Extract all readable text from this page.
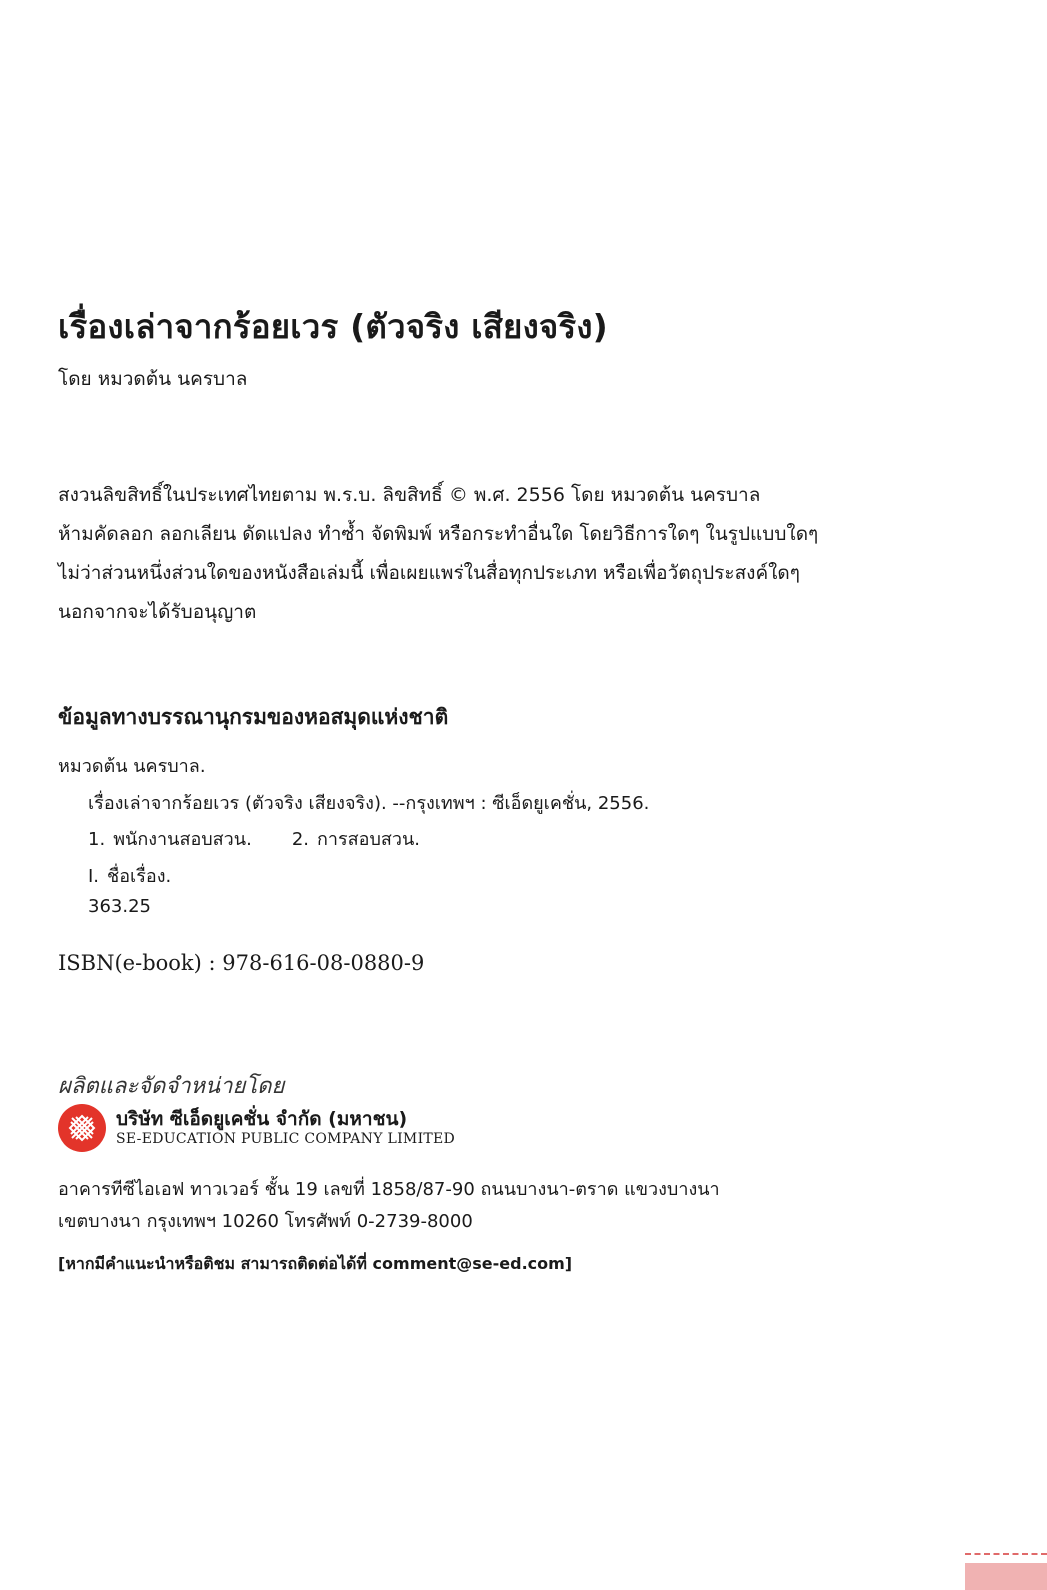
เรื่องเล่าจากร้อยเวร (ตัวจริง เสียงจริง)
โดย หมวดต้น นครบาล
สงวนลิขสิทธิ์ในประเทศไทยตาม พ.ร.บ. ลิขสิทธิ์ © พ.ศ. 2556 โดย หมวดต้น นครบาล
ห้ามคัดลอก ลอกเลียน ดัดแปลง ทำซ้ำ จัดพิมพ์ หรือกระทำอื่นใด โดยวิธีการใดๆ ในรูปแบบใดๆ
ไม่ว่าส่วนหนึ่งส่วนใดของหนังสือเล่มนี้ เพื่อเผยแพร่ในสื่อทุกประเภท หรือเพื่อวัตถุประสงค์ใดๆ
นอกจากจะได้รับอนุญาต
ข้อมูลทางบรรณานุกรมของหอสมุดแห่งชาติ
หมวดต้น นครบาล.
เรื่องเล่าจากร้อยเวร (ตัวจริง เสียงจริง). --กรุงเทพฯ : ซีเอ็ดยูเคชั่น, 2556.
1. พนักงานสอบสวน. 2. การสอบสวน.
I. ชื่อเรื่อง.
363.25
ISBN(e-book) : 978-616-08-0880-9
ผลิตและจัดจำหน่ายโดย
บริษัท ซีเอ็ดยูเคชั่น จำกัด (มหาชน)
SE-EDUCATION PUBLIC COMPANY LIMITED
อาคารทีซีไอเอฟ ทาวเวอร์ ชั้น 19 เลขที่ 1858/87-90 ถนนบางนา-ตราด แขวงบางนา
เขตบางนา กรุงเทพฯ 10260 โทรศัพท์ 0-2739-8000
[หากมีคำแนะนำหรือติชม สามารถติดต่อได้ที่ comment@se-ed.com]
